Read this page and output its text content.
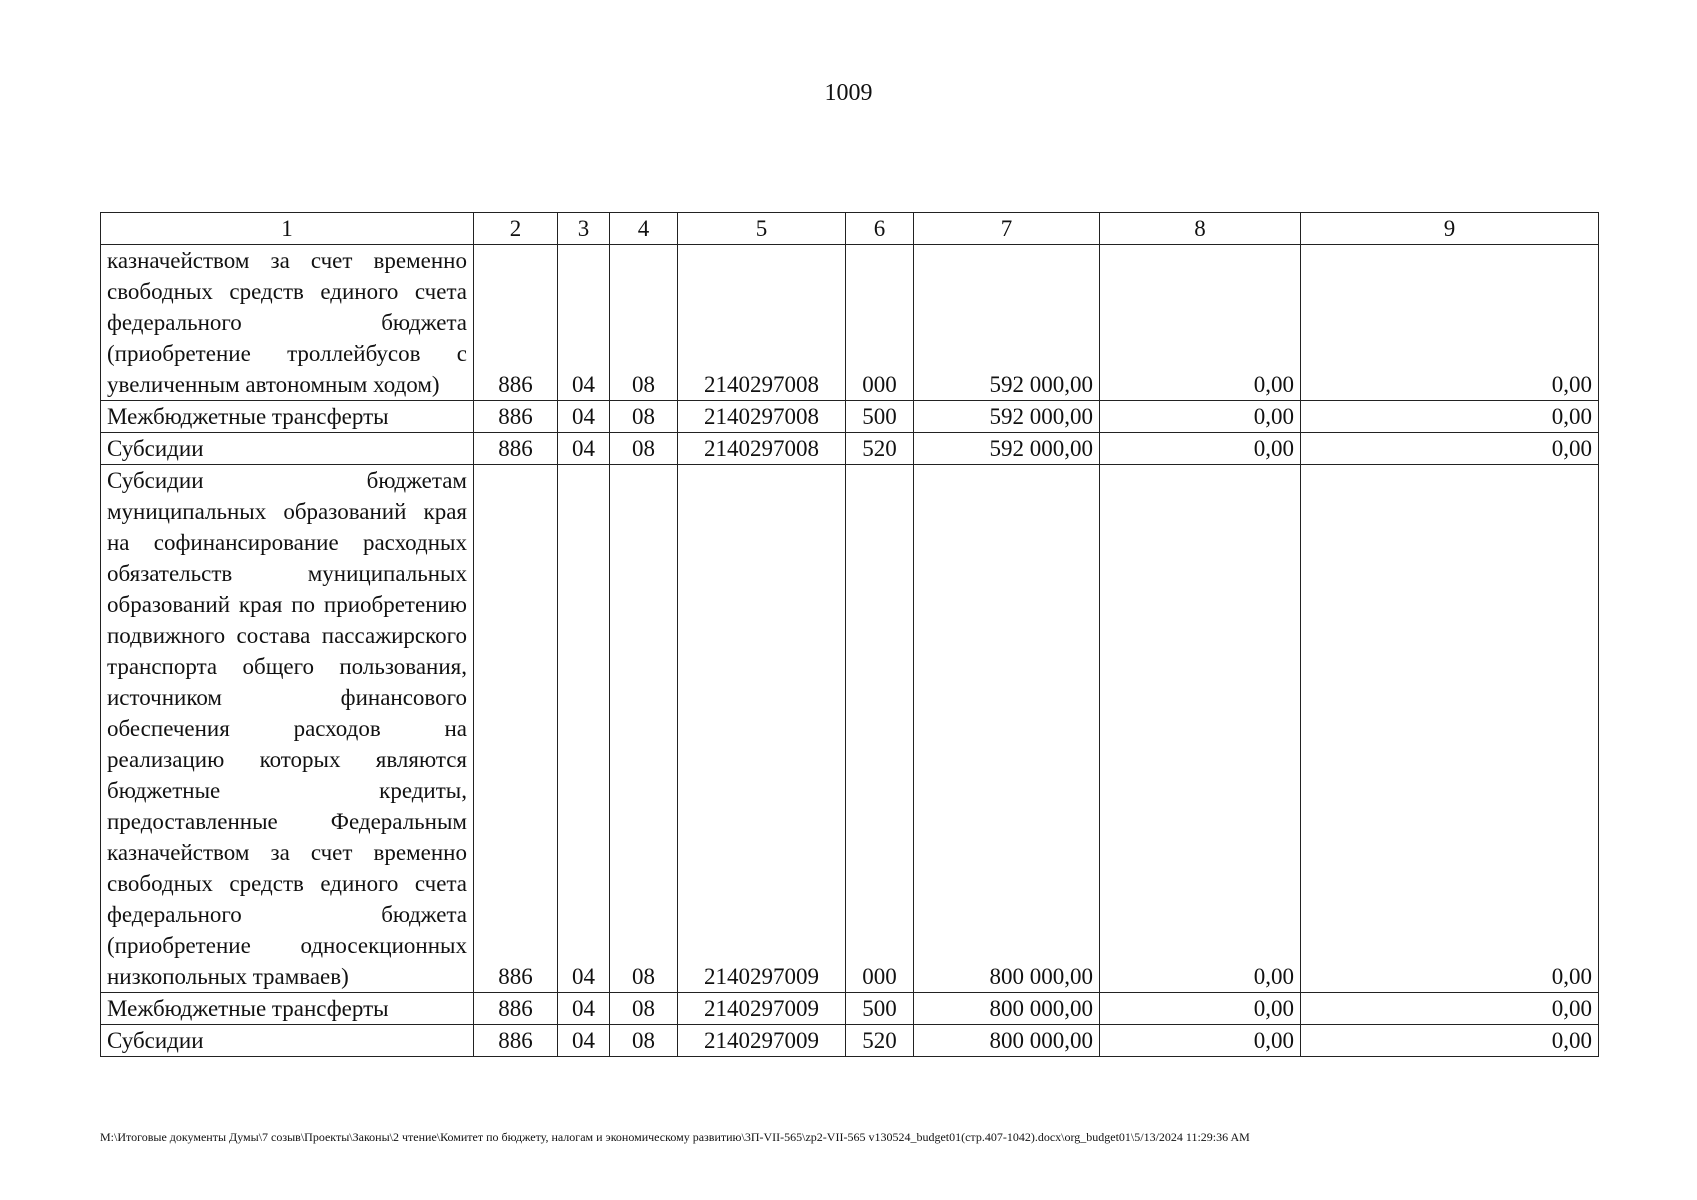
1009
1	2	3	4	5	6	7	8	9
казначейством за счет временно свободных средств единого счета федерального бюджета (приобретение троллейбусов с увеличенным автономным ходом)	886	04	08	2140297008	000	592 000,00	0,00	0,00
Межбюджетные трансферты	886	04	08	2140297008	500	592 000,00	0,00	0,00
Субсидии	886	04	08	2140297008	520	592 000,00	0,00	0,00
Субсидии бюджетам муниципальных образований края на софинансирование расходных обязательств муниципальных образований края по приобретению подвижного состава пассажирского транспорта общего пользования, источником финансового обеспечения расходов на реализацию которых являются бюджетные кредиты, предоставленные Федеральным казначейством за счет временно свободных средств единого счета федерального бюджета (приобретение односекционных низкопольных трамваев)	886	04	08	2140297009	000	800 000,00	0,00	0,00
Межбюджетные трансферты	886	04	08	2140297009	500	800 000,00	0,00	0,00
Субсидии	886	04	08	2140297009	520	800 000,00	0,00	0,00
М:\Итоговые документы Думы\7 созыв\Проекты\Законы\2 чтение\Комитет по бюджету, налогам и экономическому развитию\3П-VII-565\zp2-VII-565 v130524_budget01(стр.407-1042).docx\org_budget01\5/13/2024 11:29:36 AM
